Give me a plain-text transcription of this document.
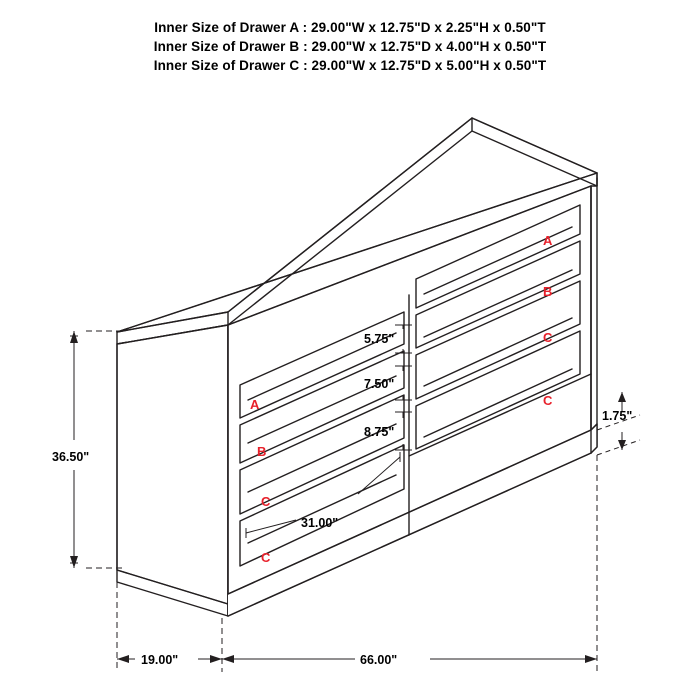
Inner Size of Drawer A : 29.00"W x 12.75"D x 2.25"H x 0.50"T
Inner Size of Drawer B : 29.00"W x 12.75"D x 4.00"H x 0.50"T
Inner Size of Drawer C : 29.00"W x 12.75"D x 5.00"H x 0.50"T
A
B
C
C
A
B
C
C
36.50"
19.00"	66.00"
1.75"
5.75"
7.50"
8.75"
31.00"
